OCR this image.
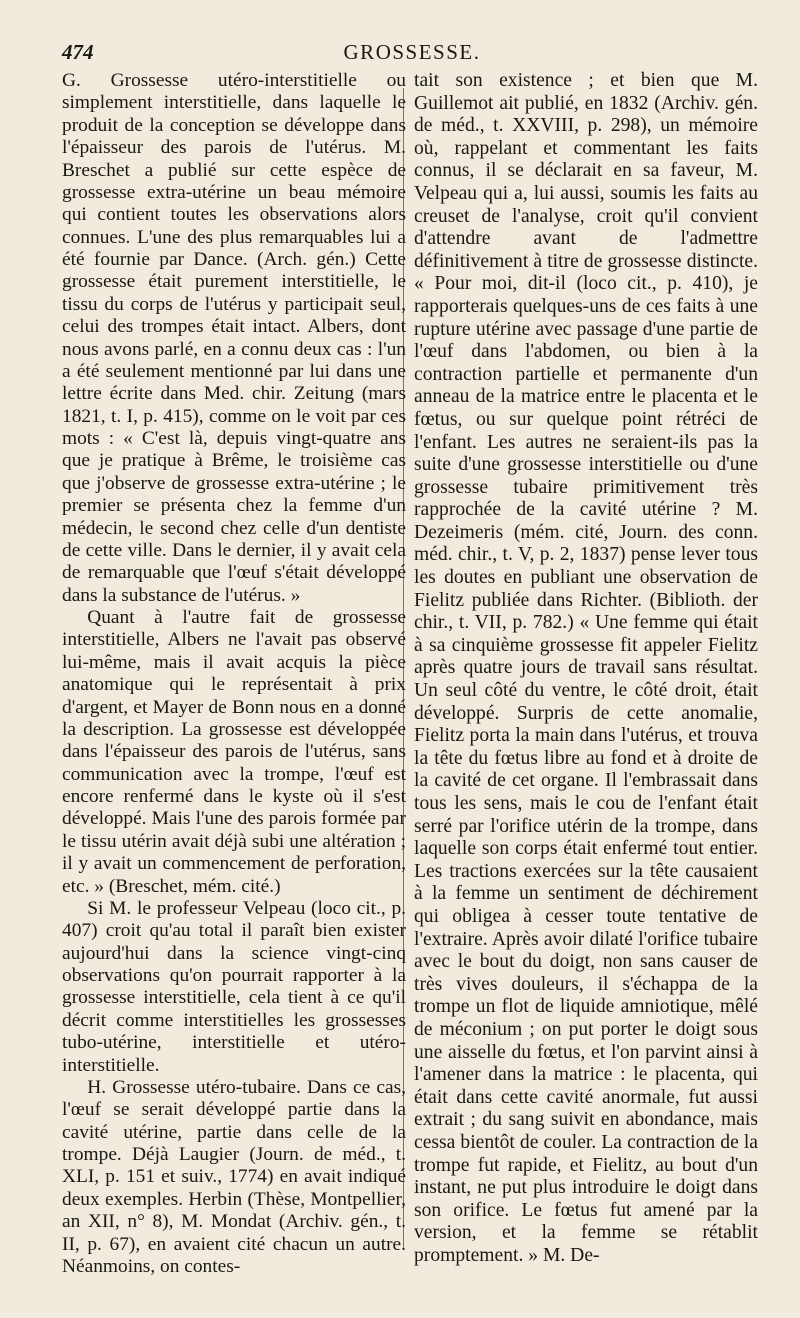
474	GROSSESSE.

G. Grossesse utéro-interstitielle ou simplement interstitielle, dans laquelle le produit de la conception se développe dans l'épaisseur des parois de l'utérus. M. Breschet a publié sur cette espèce de grossesse extra-utérine un beau mémoire qui contient toutes les observations alors connues. L'une des plus remarquables lui a été fournie par Dance. (Arch. gén.) Cette grossesse était purement interstitielle, le tissu du corps de l'utérus y participait seul, celui des trompes était intact. Albers, dont nous avons parlé, en a connu deux cas : l'un a été seulement mentionné par lui dans une lettre écrite dans Med. chir. Zeitung (mars 1821, t. I, p. 415), comme on le voit par ces mots : « C'est là, depuis vingt-quatre ans que je pratique à Brême, le troisième cas que j'observe de grossesse extra-utérine ; le premier se présenta chez la femme d'un médecin, le second chez celle d'un dentiste de cette ville. Dans le dernier, il y avait cela de remarquable que l'œuf s'était développé dans la substance de l'utérus. »

Quant à l'autre fait de grossesse interstitielle, Albers ne l'avait pas observé lui-même, mais il avait acquis la pièce anatomique qui le représentait à prix d'argent, et Mayer de Bonn nous en a donné la description. La grossesse est développée dans l'épaisseur des parois de l'utérus, sans communication avec la trompe, l'œuf est encore renfermé dans le kyste où il s'est développé. Mais l'une des parois formée par le tissu utérin avait déjà subi une altération ; il y avait un commencement de perforation, etc. » (Breschet, mém. cité.)

Si M. le professeur Velpeau (loco cit., p. 407) croit qu'au total il paraît bien exister aujourd'hui dans la science vingt-cinq observations qu'on pourrait rapporter à la grossesse interstitielle, cela tient à ce qu'il décrit comme interstitielles les grossesses tubo-utérine, interstitielle et utéro-interstitielle.

H. Grossesse utéro-tubaire. Dans ce cas, l'œuf se serait développé partie dans la cavité utérine, partie dans celle de la trompe. Déjà Laugier (Journ. de méd., t. XLI, p. 151 et suiv., 1774) en avait indiqué deux exemples. Herbin (Thèse, Montpellier, an XII, n° 8), M. Mondat (Archiv. gén., t. II, p. 67), en avaient cité chacun un autre. Néanmoins, on contes-

tait son existence ; et bien que M. Guillemot ait publié, en 1832 (Archiv. gén. de méd., t. XXVIII, p. 298), un mémoire où, rappelant et commentant les faits connus, il se déclarait en sa faveur, M. Velpeau qui a, lui aussi, soumis les faits au creuset de l'analyse, croit qu'il convient d'attendre avant de l'admettre définitivement à titre de grossesse distincte. « Pour moi, dit-il (loco cit., p. 410), je rapporterais quelques-uns de ces faits à une rupture utérine avec passage d'une partie de l'œuf dans l'abdomen, ou bien à la contraction partielle et permanente d'un anneau de la matrice entre le placenta et le fœtus, ou sur quelque point rétréci de l'enfant. Les autres ne seraient-ils pas la suite d'une grossesse interstitielle ou d'une grossesse tubaire primitivement très rapprochée de la cavité utérine ? M. Dezeimeris (mém. cité, Journ. des conn. méd. chir., t. V, p. 2, 1837) pense lever tous les doutes en publiant une observation de Fielitz publiée dans Richter. (Biblioth. der chir., t. VII, p. 782.) « Une femme qui était à sa cinquième grossesse fit appeler Fielitz après quatre jours de travail sans résultat. Un seul côté du ventre, le côté droit, était développé. Surpris de cette anomalie, Fielitz porta la main dans l'utérus, et trouva la tête du fœtus libre au fond et à droite de la cavité de cet organe. Il l'embrassait dans tous les sens, mais le cou de l'enfant était serré par l'orifice utérin de la trompe, dans laquelle son corps était enfermé tout entier. Les tractions exercées sur la tête causaient à la femme un sentiment de déchirement qui obligea à cesser toute tentative de l'extraire. Après avoir dilaté l'orifice tubaire avec le bout du doigt, non sans causer de très vives douleurs, il s'échappa de la trompe un flot de liquide amniotique, mêlé de méconium ; on put porter le doigt sous une aisselle du fœtus, et l'on parvint ainsi à l'amener dans la matrice : le placenta, qui était dans cette cavité anormale, fut aussi extrait ; du sang suivit en abondance, mais cessa bientôt de couler. La contraction de la trompe fut rapide, et Fielitz, au bout d'un instant, ne put plus introduire le doigt dans son orifice. Le fœtus fut amené par la version, et la femme se rétablit promptement. » M. De-
